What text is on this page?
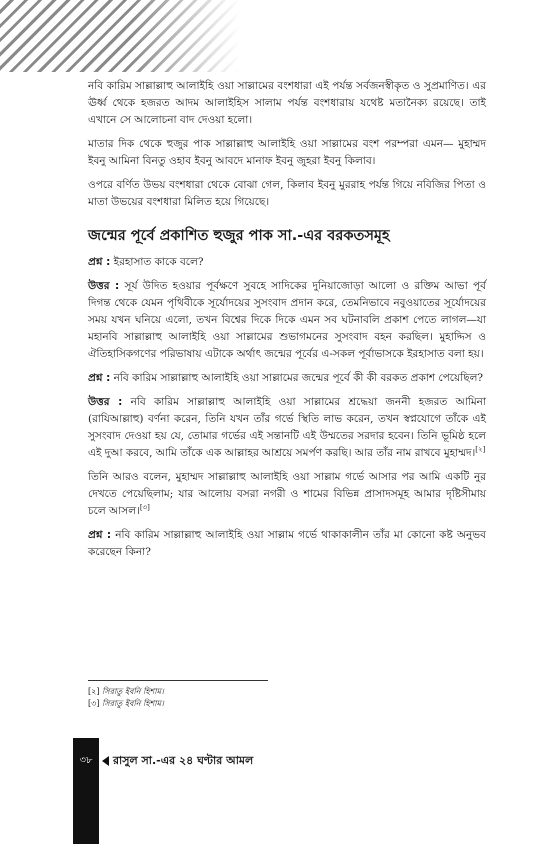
নবি কারিম সাল্লাল্লাহু আলাইহি ওয়া সাল্লামের বংশধারা এই পর্যন্ত সর্বজনস্বীকৃত ও সুপ্রমাণিত। এর ঊর্ধ্ব থেকে হজরত আদম আলাইহিস সালাম পর্যন্ত বংশধারায় যথেষ্ট মতানৈক্য রয়েছে। তাই এখানে সে আলোচনা বাদ দেওয়া হলো।

মাতার দিক থেকে হুজুর পাক সাল্লাল্লাহু আলাইহি ওয়া সাল্লামের বংশ পরম্পরা এমন— মুহাম্মদ ইবনু আমিনা বিনতু ওহাব ইবনু আবদে মানাফ ইবনু জুহরা ইবনু কিলাব।

ওপরে বর্ণিত উভয় বংশধারা থেকে বোঝা গেল, কিলাব ইবনু মুররাহ পর্যন্ত গিয়ে নবিজির পিতা ও মাতা উভয়ের বংশধারা মিলিত হয়ে গিয়েছে।

জন্মের পূর্বে প্রকাশিত হুজুর পাক সা.-এর বরকতসমূহ

প্রশ্ন : ইরহাসাত কাকে বলে?

উত্তর : সূর্য উদিত হওয়ার পূর্বক্ষণে সুবহে সাদিকের দুনিয়াজোড়া আলো ও রক্তিম আভা পূর্ব দিগন্ত থেকে যেমন পৃথিবীকে সূর্যোদয়ের সুসংবাদ প্রদান করে, তেমনিভাবে নবুওয়াতের সূর্যোদয়ের সময় যখন ঘনিয়ে এলো, তখন বিশ্বের দিকে দিকে এমন সব ঘটনাবলি প্রকাশ পেতে লাগল—যা মহানবি সাল্লাল্লাহু আলাইহি ওয়া সাল্লামের শুভাগমনের সুসংবাদ বহন করছিল। মুহাদ্দিস ও ঐতিহাসিকগণের পরিভাষায় এটাকে অর্থাৎ জন্মের পূর্বের এ-সকল পূর্বাভাসকে ইরহাসাত বলা হয়।

প্রশ্ন : নবি কারিম সাল্লাল্লাহু আলাইহি ওয়া সাল্লামের জন্মের পূর্বে কী কী বরকত প্রকাশ পেয়েছিল?

উত্তর : নবি কারিম সাল্লাল্লাহু আলাইহি ওয়া সাল্লামের শ্রদ্ধেয়া জননী হজরত আমিনা (রাযিআল্লাহু) বর্ণনা করেন, তিনি যখন তাঁর গর্ভে স্থিতি লাভ করেন, তখন স্বপ্নযোগে তাঁকে এই সুসংবাদ দেওয়া হয় যে, তোমার গর্ভের এই সন্তানটি এই উম্মতের সরদার হবেন। তিনি ভূমিষ্ঠ হলে এই দুআ করবে, আমি তাঁকে এক আল্লাহর আশ্রয়ে সমর্পণ করছি। আর তাঁর নাম রাখবে মুহাম্মদ।[২]

তিনি আরও বলেন, মুহাম্মদ সাল্লাল্লাহু আলাইহি ওয়া সাল্লাম গর্ভে আসার পর আমি একটি নুর দেখতে পেয়েছিলাম; যার আলোয় বসরা নগরী ও শামের বিভিন্ন প্রাসাদসমূহ আমার দৃষ্টিসীমায় চলে আসল।[৩]

প্রশ্ন : নবি কারিম সাল্লাল্লাহু আলাইহি ওয়া সাল্লাম গর্ভে থাকাকালীন তাঁর মা কোনো কষ্ট অনুভব করেছেন কিনা?

[২] সিরাতু ইবনি হিশাম।
[৩] সিরাতু ইবনি হিশাম।
৩৮	রাসুল সা.-এর ২৪ ঘণ্টার আমল
